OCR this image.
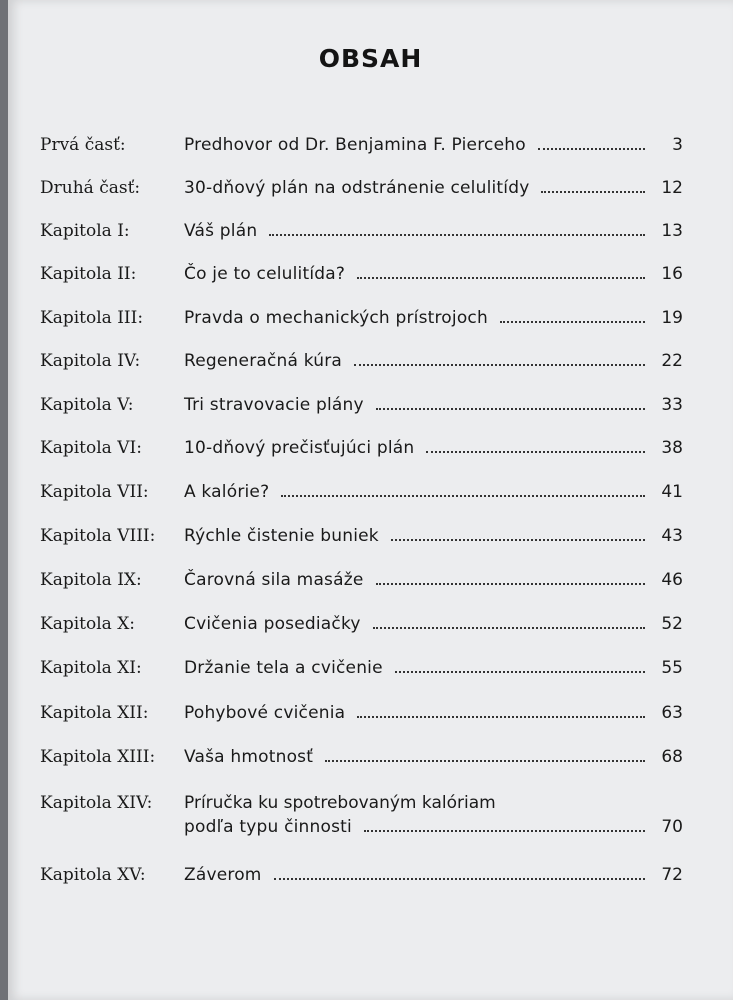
OBSAH
Prvá časť:	Predhovor od Dr. Benjamina F. Pierceho	3
Druhá časť:	30-dňový plán na odstránenie celulitídy	12
Kapitola I:	Váš plán	13
Kapitola II:	Čo je to celulitída?	16
Kapitola III: Pravda o mechanických prístrojoch	19
Kapitola IV:	Regeneračná kúra	22
Kapitola V:	Tri stravovacie plány	33
Kapitola VI: 10-dňový prečisťujúci plán	38
Kapitola VII: A kalórie?	41
Kapitola VIII: Rýchle čistenie buniek	43
Kapitola IX: Čarovná sila masáže	46
Kapitola X:	Cvičenia posediačky	52
Kapitola XI: Držanie tela a cvičenie	55
Kapitola XII: Pohybové cvičenia	63
Kapitola XIII: Vaša hmotnosť	68
Kapitola XIV: Príručka ku spotrebovaným kalóriam
podľa typu činnosti	70
Kapitola XV: Záverom	72
